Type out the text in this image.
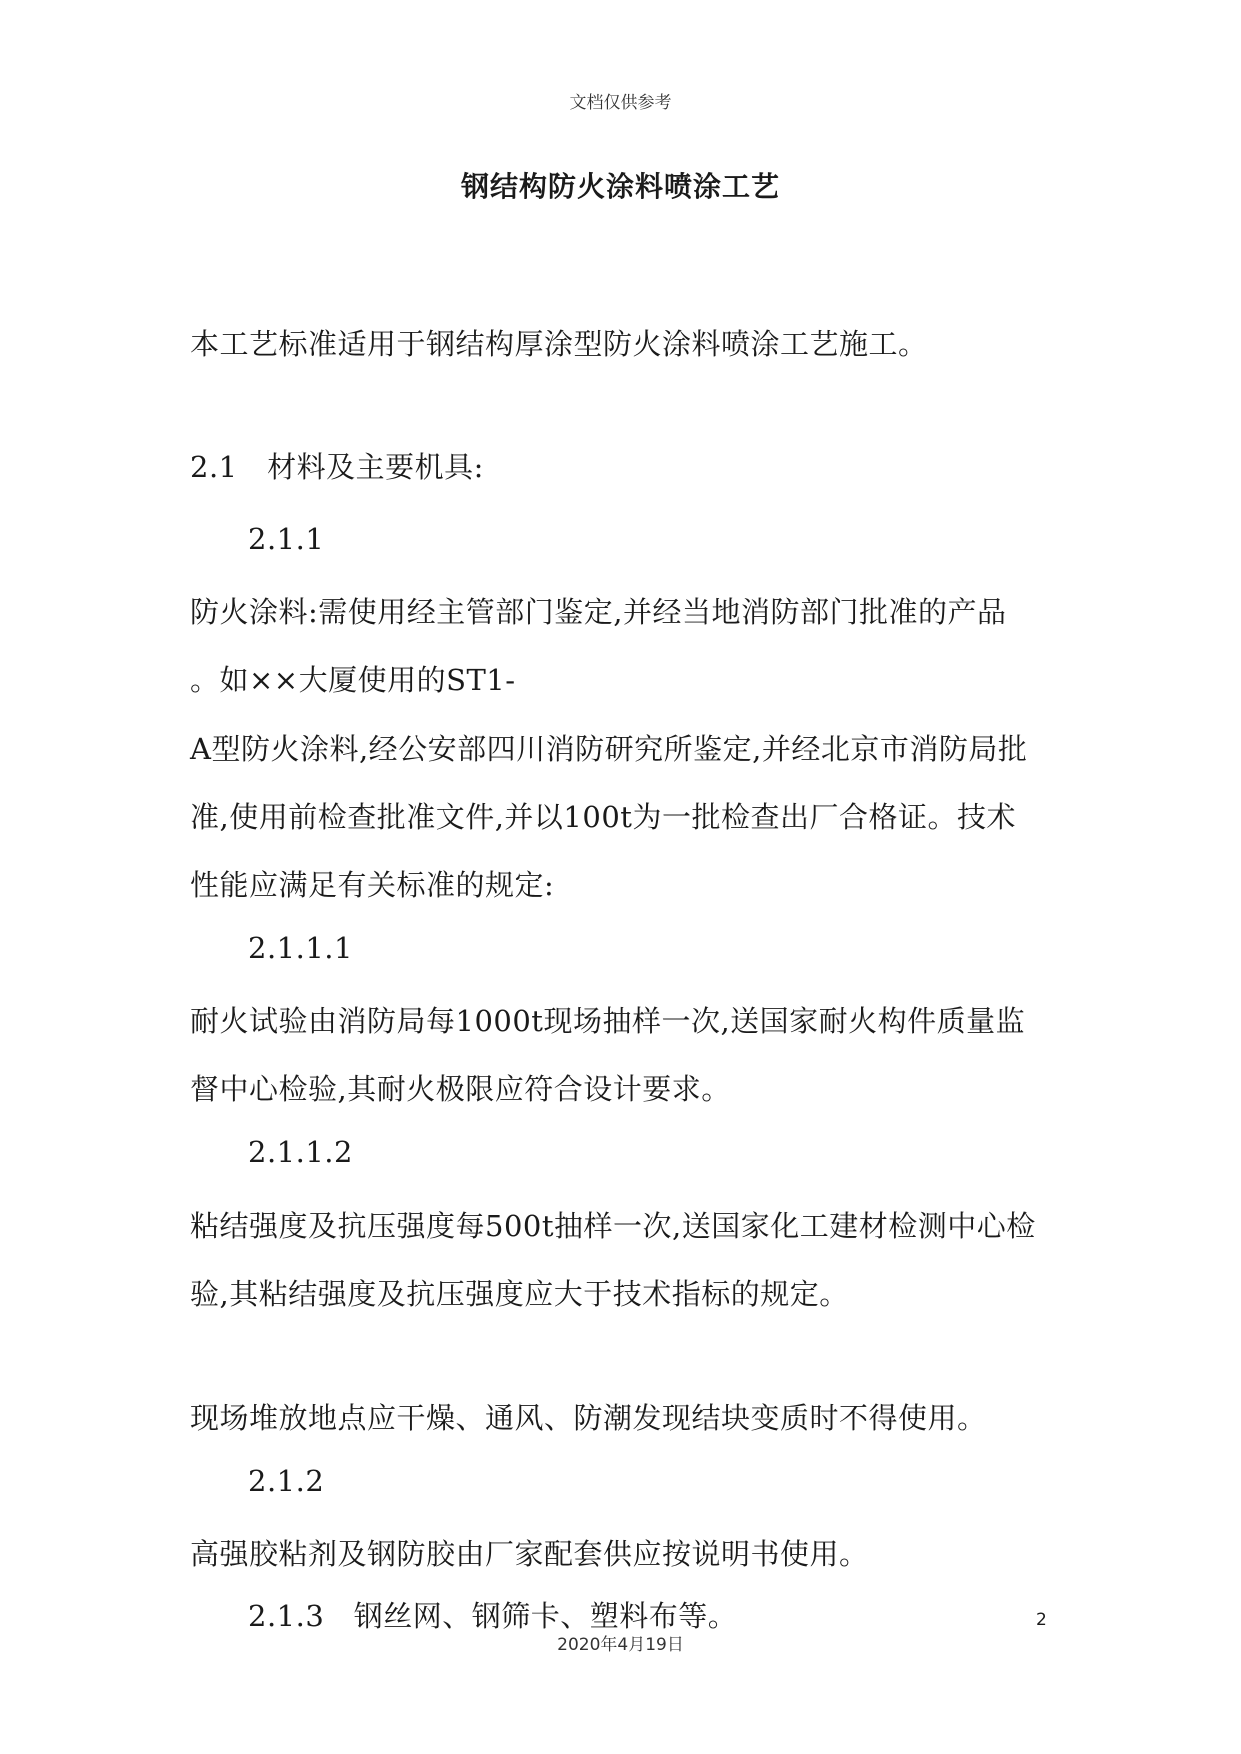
文档仅供参考
钢结构防火涂料喷涂工艺
本工艺标准适用于钢结构厚涂型防火涂料喷涂工艺施工。
2.1　材料及主要机具:
2.1.1
防火涂料:需使用经主管部门鉴定,并经当地消防部门批准的产品
。如××大厦使用的ST1-
A型防火涂料,经公安部四川消防研究所鉴定,并经北京市消防局批
准,使用前检查批准文件,并以100t为一批检查出厂合格证。技术
性能应满足有关标准的规定:
2.1.1.1
耐火试验由消防局每1000t现场抽样一次,送国家耐火构件质量监
督中心检验,其耐火极限应符合设计要求。
2.1.1.2
粘结强度及抗压强度每500t抽样一次,送国家化工建材检测中心检
验,其粘结强度及抗压强度应大于技术指标的规定。
现场堆放地点应干燥、通风、防潮发现结块变质时不得使用。
2.1.2
高强胶粘剂及钢防胶由厂家配套供应按说明书使用。
2.1.3　钢丝网、钢筛卡、塑料布等。	2
2020年4月19日
